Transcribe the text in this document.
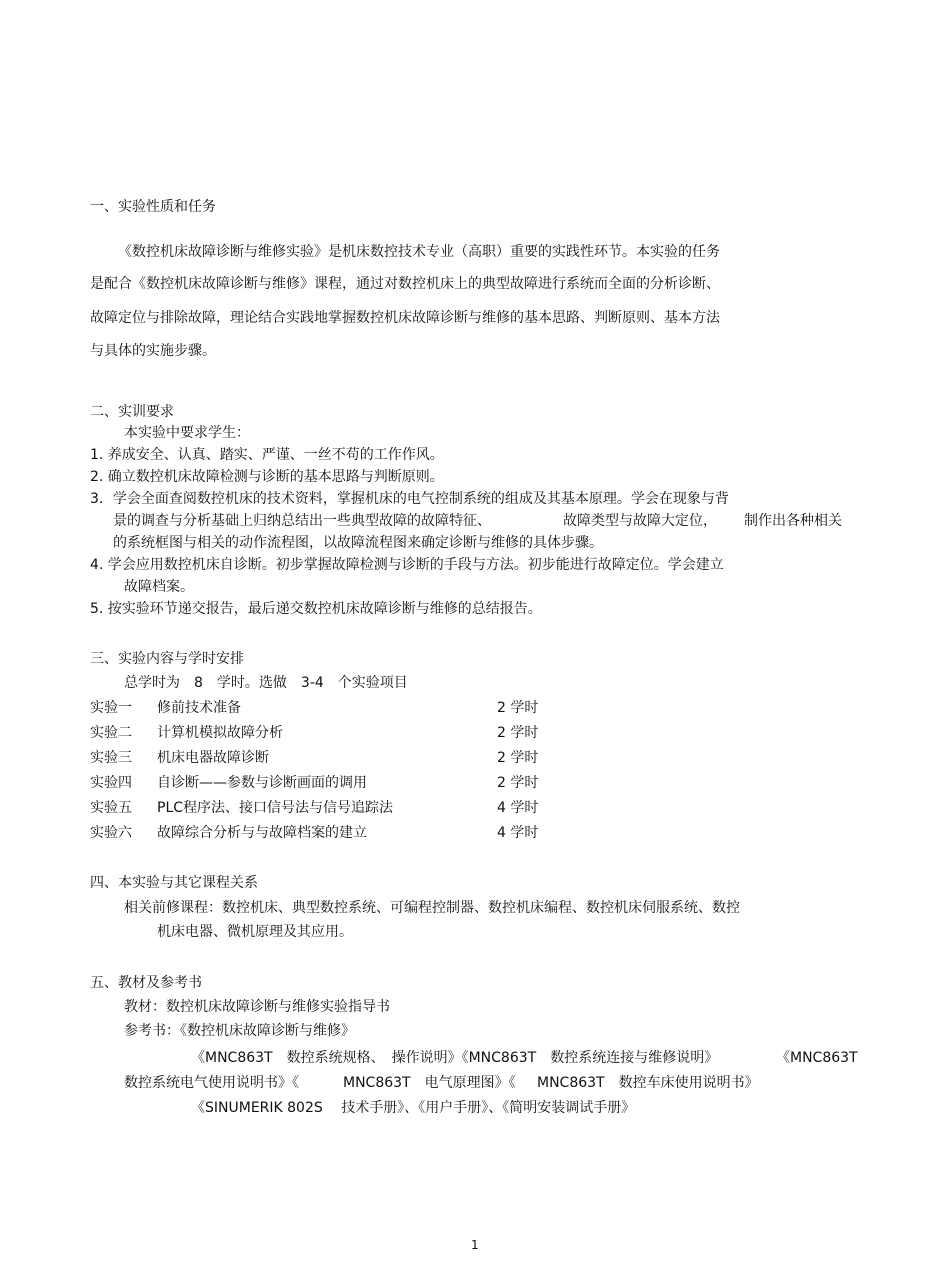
一、实验性质和任务
《数控机床故障诊断与维修实验》是机床数控技术专业（高职）重要的实践性环节。本实验的任务
是配合《数控机床故障诊断与维修》课程，通过对数控机床上的典型故障进行系统而全面的分析诊断、
故障定位与排除故障，理论结合实践地掌握数控机床故障诊断与维修的基本思路、判断原则、基本方法
与具体的实施步骤。
二、实训要求
本实验中要求学生：
1. 养成安全、认真、踏实、严谨、一丝不苟的工作作风。
2. 确立数控机床故障检测与诊断的基本思路与判断原则。
3．学会全面查阅数控机床的技术资料，掌握机床的电气控制系统的组成及其基本原理。学会在现象与背
景的调查与分析基础上归纳总结出一些典型故障的故障特征、	故障类型与故障大定位， 制作出各种相关
的系统框图与相关的动作流程图，以故障流程图来确定诊断与维修的具体步骤。
4. 学会应用数控机床自诊断。初步掌握故障检测与诊断的手段与方法。初步能进行故障定位。学会建立
故障档案。
5. 按实验环节递交报告，最后递交数控机床故障诊断与维修的总结报告。
三、实验内容与学时安排
总学时为　8　学时。选做　3-4　个实验项目
实验一 修前技术准备	2 学时
实验二 计算机模拟故障分析	2 学时
实验三 机床电器故障诊断	2 学时
实验四 自诊断——参数与诊断画面的调用	2 学时
实验五 PLC程序法、接口信号法与信号追踪法	4 学时
实验六 故障综合分析与与故障档案的建立	4 学时
四、本实验与其它课程关系
相关前修课程：数控机床、典型数控系统、可编程控制器、数控机床编程、数控机床伺服系统、数控
机床电器、微机原理及其应用。
五、教材及参考书
教材：数控机床故障诊断与维修实验指导书
参考书：《数控机床故障诊断与维修》
《MNC863T　数控系统规格、　操作说明》《MNC863T　数控系统连接与维修说明》	《MNC863T
数控系统电气使用说明书》《	MNC863T　电气原理图》《 MNC863T　数控车床使用说明书》
《SINUMERIK 802S　 技术手册》、《用户手册》、《简明安装调试手册》
1
